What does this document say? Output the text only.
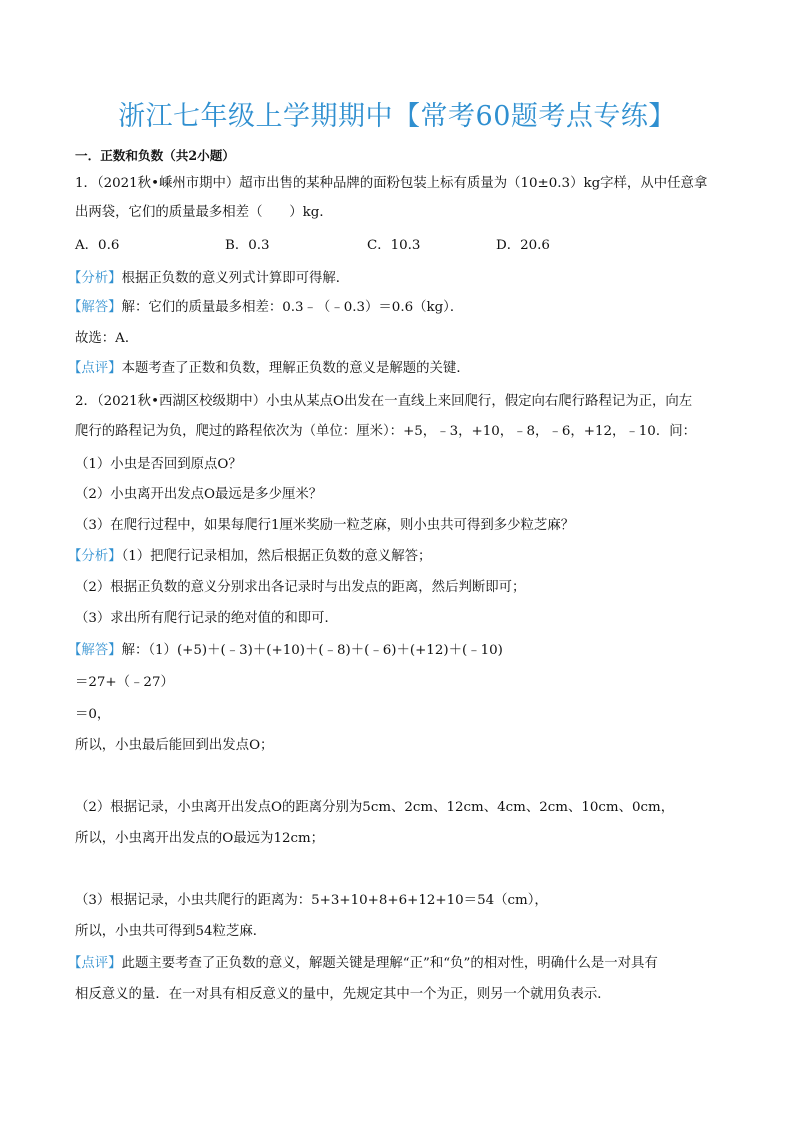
浙江七年级上学期期中【常考60题考点专练】
一．正数和负数（共2小题）
1．（2021秋•嵊州市期中）超市出售的某种品牌的面粉包装上标有质量为（10±0.3）kg字样，从中任意拿
出两袋，它们的质量最多相差（　　）kg．
A．0.6	B．0.3	C．10.3	D．20.6
【分析】根据正负数的意义列式计算即可得解．
【解答】解：它们的质量最多相差：0.3﹣（﹣0.3）＝0.6（kg）．
故选：A．
【点评】本题考查了正数和负数，理解正负数的意义是解题的关键．
2．（2021秋•西湖区校级期中）小虫从某点O出发在一直线上来回爬行，假定向右爬行路程记为正，向左
爬行的路程记为负，爬过的路程依次为（单位：厘米）：+5，﹣3，+10，﹣8，﹣6，+12，﹣10．问：
（1）小虫是否回到原点O？
（2）小虫离开出发点O最远是多少厘米？
（3）在爬行过程中，如果每爬行1厘米奖励一粒芝麻，则小虫共可得到多少粒芝麻？
【分析】（1）把爬行记录相加，然后根据正负数的意义解答；
（2）根据正负数的意义分别求出各记录时与出发点的距离，然后判断即可；
（3）求出所有爬行记录的绝对值的和即可．
【解答】解：（1）(+5)＋(﹣3)＋(+10)＋(﹣8)＋(﹣6)＋(+12)＋(﹣10)
＝27+（﹣27）
＝0，
所以，小虫最后能回到出发点O；
（2）根据记录，小虫离开出发点O的距离分别为5cm、2cm、12cm、4cm、2cm、10cm、0cm，
所以，小虫离开出发点的O最远为12cm；
（3）根据记录，小虫共爬行的距离为：5+3+10+8+6+12+10＝54（cm），
所以，小虫共可得到54粒芝麻．
【点评】此题主要考查了正负数的意义，解题关键是理解“正”和“负”的相对性，明确什么是一对具有
相反意义的量．在一对具有相反意义的量中，先规定其中一个为正，则另一个就用负表示．
